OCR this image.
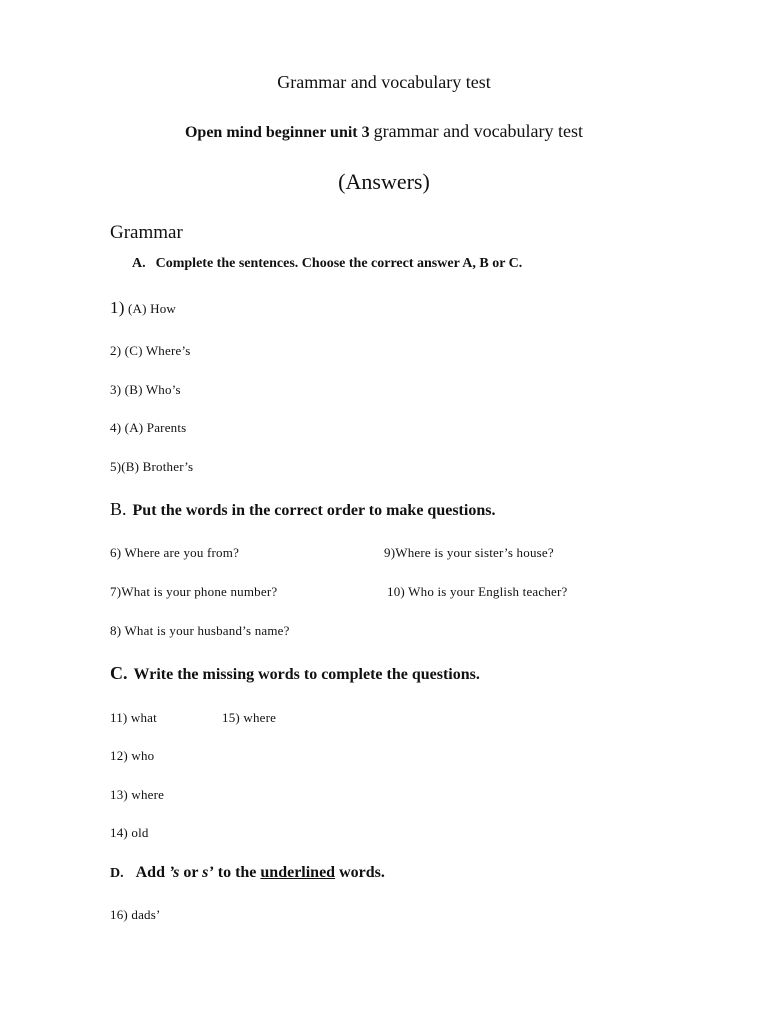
Grammar and vocabulary test
Open mind beginner unit 3 grammar and vocabulary test
(Answers)
Grammar
A. Complete the sentences. Choose the correct answer A, B or C.
1) (A) How
2) (C) Where’s
3) (B) Who’s
4) (A) Parents
5)(B) Brother’s
B. Put the words in the correct order to make questions.
6) Where are you from?	9)Where is your sister’s house?
7)What is your phone number?	10) Who is your English teacher?
8) What is your husband’s name?
C. Write the missing words to complete the questions.
11) what	15) where
12) who
13) where
14) old
D. Add ’s or s’ to the underlined words.
16) dads’
